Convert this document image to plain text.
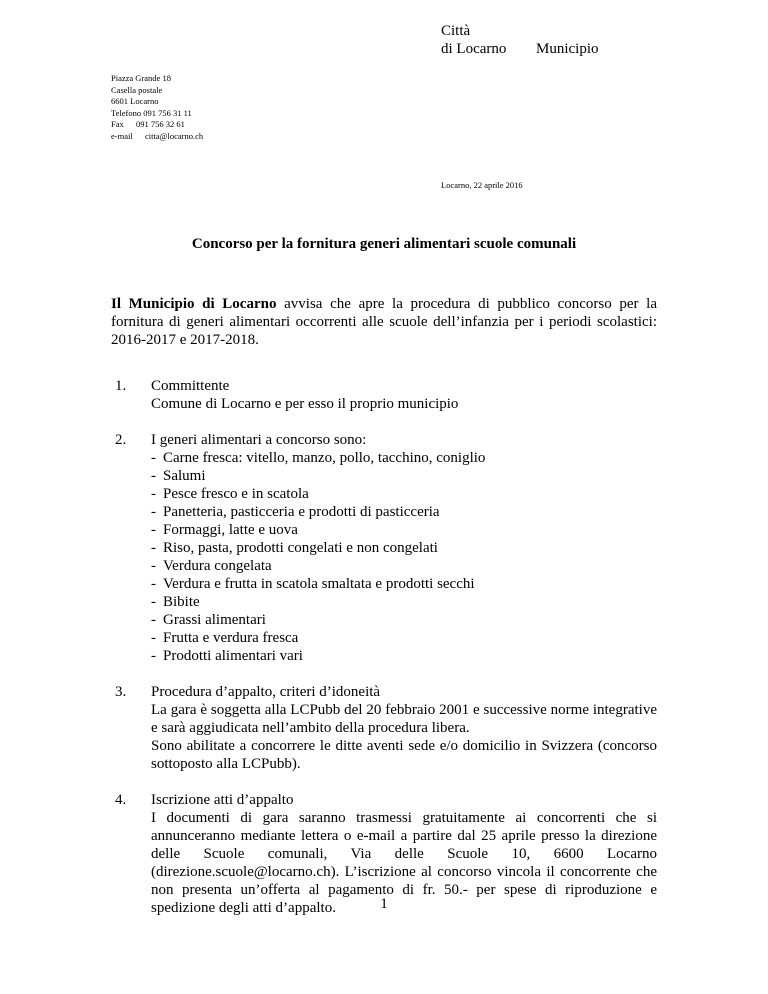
Città
di Locarno Municipio
Piazza Grande 18
Casella postale
6601 Locarno
Telefono 091 756 31 11
Fax 091 756 32 61
e-mail citta@locarno.ch
Locarno, 22 aprile 2016
Concorso per la fornitura generi alimentari scuole comunali

Il Municipio di Locarno avvisa che apre la procedura di pubblico concorso per la fornitura di generi alimentari occorrenti alle scuole dell’infanzia per i periodi scolastici: 2016-2017 e 2017-2018.

1. Committente
Comune di Locarno e per esso il proprio municipio
2. I generi alimentari a concorso sono:
- Carne fresca: vitello, manzo, pollo, tacchino, coniglio
- Salumi
- Pesce fresco e in scatola
- Panetteria, pasticceria e prodotti di pasticceria
- Formaggi, latte e uova
- Riso, pasta, prodotti congelati e non congelati
- Verdura congelata
- Verdura e frutta in scatola smaltata e prodotti secchi
- Bibite
- Grassi alimentari
- Frutta e verdura fresca
- Prodotti alimentari vari
3. Procedura d’appalto, criteri d’idoneità
La gara è soggetta alla LCPubb del 20 febbraio 2001 e successive norme integrative e sarà aggiudicata nell’ambito della procedura libera.
Sono abilitate a concorrere le ditte aventi sede e/o domicilio in Svizzera (concorso sottoposto alla LCPubb).
4. Iscrizione atti d’appalto
I documenti di gara saranno trasmessi gratuitamente ai concorrenti che si annunceranno mediante lettera o e-mail a partire dal 25 aprile presso la direzione delle Scuole comunali, Via delle Scuole 10, 6600 Locarno (direzione.scuole@locarno.ch). L’iscrizione al concorso vincola il concorrente che non presenta un’offerta al pagamento di fr. 50.- per spese di riproduzione e spedizione degli atti d’appalto.	1
